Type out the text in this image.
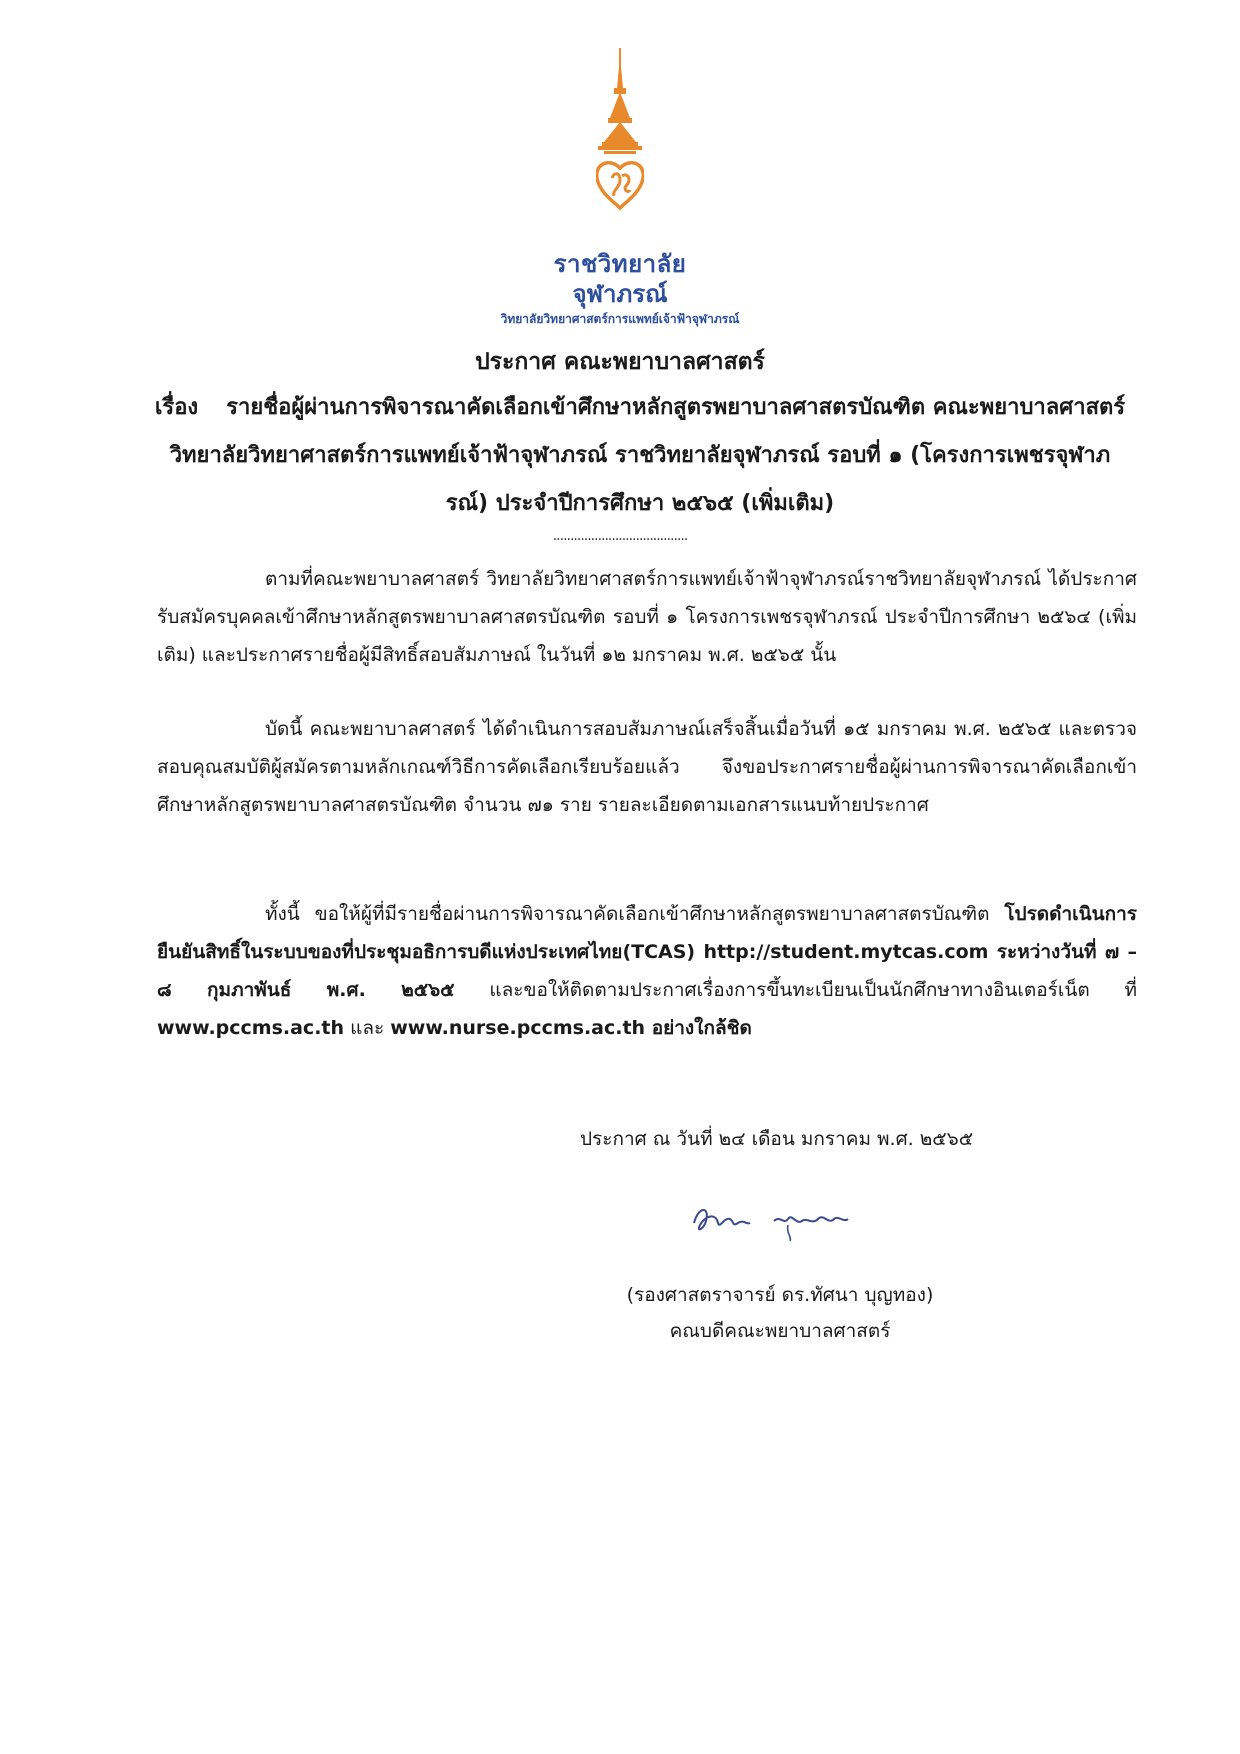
ราชวิทยาลัย
จุฬาภรณ์
วิทยาลัยวิทยาศาสตร์การแพทย์เจ้าฟ้าจุฬาภรณ์
ประกาศ คณะพยาบาลศาสตร์
เรื่อง รายชื่อผู้ผ่านการพิจารณาคัดเลือกเข้าศึกษาหลักสูตรพยาบาลศาสตรบัณฑิต คณะพยาบาลศาสตร์ วิทยาลัยวิทยาศาสตร์การแพทย์เจ้าฟ้าจุฬาภรณ์ ราชวิทยาลัยจุฬาภรณ์ รอบที่ ๑ (โครงการเพชรจุฬาภรณ์) ประจำปีการศึกษา ๒๕๖๕ (เพิ่มเติม)
.......................................
ตามที่คณะพยาบาลศาสตร์ วิทยาลัยวิทยาศาสตร์การแพทย์เจ้าฟ้าจุฬาภรณ์ราชวิทยาลัยจุฬาภรณ์ ได้ประกาศรับสมัครบุคคลเข้าศึกษาหลักสูตรพยาบาลศาสตรบัณฑิต รอบที่ ๑ โครงการเพชรจุฬาภรณ์ ประจำปีการศึกษา ๒๕๖๔ (เพิ่มเติม) และประกาศรายชื่อผู้มีสิทธิ์สอบสัมภาษณ์ ในวันที่ ๑๒ มกราคม พ.ศ. ๒๕๖๕ นั้น
บัดนี้ คณะพยาบาลศาสตร์ ได้ดำเนินการสอบสัมภาษณ์เสร็จสิ้นเมื่อวันที่ ๑๕ มกราคม พ.ศ. ๒๕๖๕ และตรวจสอบคุณสมบัติผู้สมัครตามหลักเกณฑ์วิธีการคัดเลือกเรียบร้อยแล้ว จึงขอประกาศรายชื่อผู้ผ่านการพิจารณาคัดเลือกเข้าศึกษาหลักสูตรพยาบาลศาสตรบัณฑิต จำนวน ๗๑ ราย รายละเอียดตามเอกสารแนบท้ายประกาศ
ทั้งนี้ ขอให้ผู้ที่มีรายชื่อผ่านการพิจารณาคัดเลือกเข้าศึกษาหลักสูตรพยาบาลศาสตรบัณฑิต โปรดดำเนินการยืนยันสิทธิ์ในระบบของที่ประชุมอธิการบดีแห่งประเทศไทย(TCAS) http://student.mytcas.com ระหว่างวันที่ ๗ – ๘ กุมภาพันธ์ พ.ศ. ๒๕๖๕ และขอให้ติดตามประกาศเรื่องการขึ้นทะเบียนเป็นนักศึกษาทางอินเตอร์เน็ต ที่ www.pccms.ac.th และ www.nurse.pccms.ac.th อย่างใกล้ชิด
ประกาศ ณ วันที่ ๒๔ เดือน มกราคม พ.ศ. ๒๕๖๕
(รองศาสตราจารย์ ดร.ทัศนา บุญทอง)
คณบดีคณะพยาบาลศาสตร์
